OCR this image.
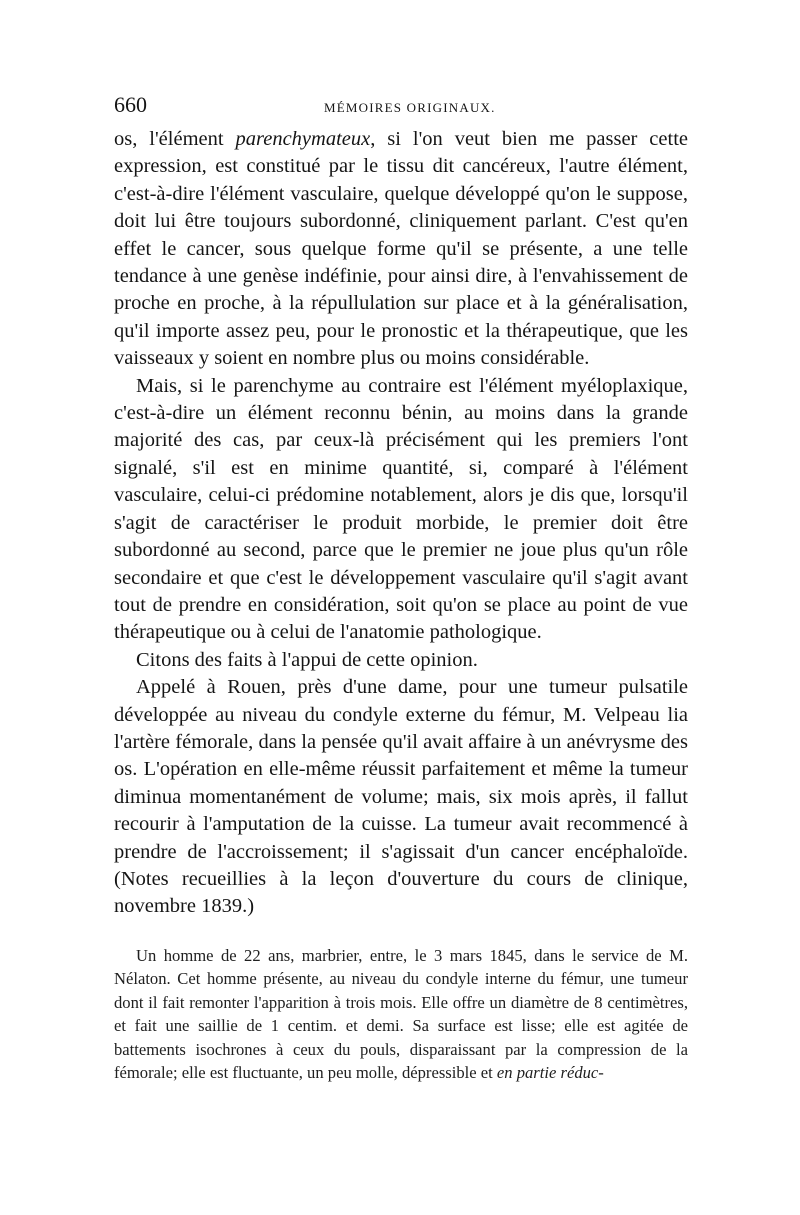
660	MÉMOIRES ORIGINAUX.

os, l'élément parenchymateux, si l'on veut bien me passer cette expression, est constitué par le tissu dit cancéreux, l'autre élément, c'est-à-dire l'élément vasculaire, quelque développé qu'on le suppose, doit lui être toujours subordonné, cliniquement parlant. C'est qu'en effet le cancer, sous quelque forme qu'il se présente, a une telle tendance à une genèse indéfinie, pour ainsi dire, à l'envahissement de proche en proche, à la répullulation sur place et à la généralisation, qu'il importe assez peu, pour le pronostic et la thérapeutique, que les vaisseaux y soient en nombre plus ou moins considérable.

Mais, si le parenchyme au contraire est l'élément myéloplaxique, c'est-à-dire un élément reconnu bénin, au moins dans la grande majorité des cas, par ceux-là précisément qui les premiers l'ont signalé, s'il est en minime quantité, si, comparé à l'élément vasculaire, celui-ci prédomine notablement, alors je dis que, lorsqu'il s'agit de caractériser le produit morbide, le premier doit être subordonné au second, parce que le premier ne joue plus qu'un rôle secondaire et que c'est le développement vasculaire qu'il s'agit avant tout de prendre en considération, soit qu'on se place au point de vue thérapeutique ou à celui de l'anatomie pathologique.

Citons des faits à l'appui de cette opinion.

Appelé à Rouen, près d'une dame, pour une tumeur pulsatile développée au niveau du condyle externe du fémur, M. Velpeau lia l'artère fémorale, dans la pensée qu'il avait affaire à un anévrysme des os. L'opération en elle-même réussit parfaitement et même la tumeur diminua momentanément de volume; mais, six mois après, il fallut recourir à l'amputation de la cuisse. La tumeur avait recommencé à prendre de l'accroissement; il s'agissait d'un cancer encéphaloïde. (Notes recueillies à la leçon d'ouverture du cours de clinique, novembre 1839.)

Un homme de 22 ans, marbrier, entre, le 3 mars 1845, dans le service de M. Nélaton. Cet homme présente, au niveau du condyle interne du fémur, une tumeur dont il fait remonter l'apparition à trois mois. Elle offre un diamètre de 8 centimètres, et fait une saillie de 1 centim. et demi. Sa surface est lisse; elle est agitée de battements isochrones à ceux du pouls, disparaissant par la compression de la fémorale; elle est fluctuante, un peu molle, dépressible et en partie réduc-
